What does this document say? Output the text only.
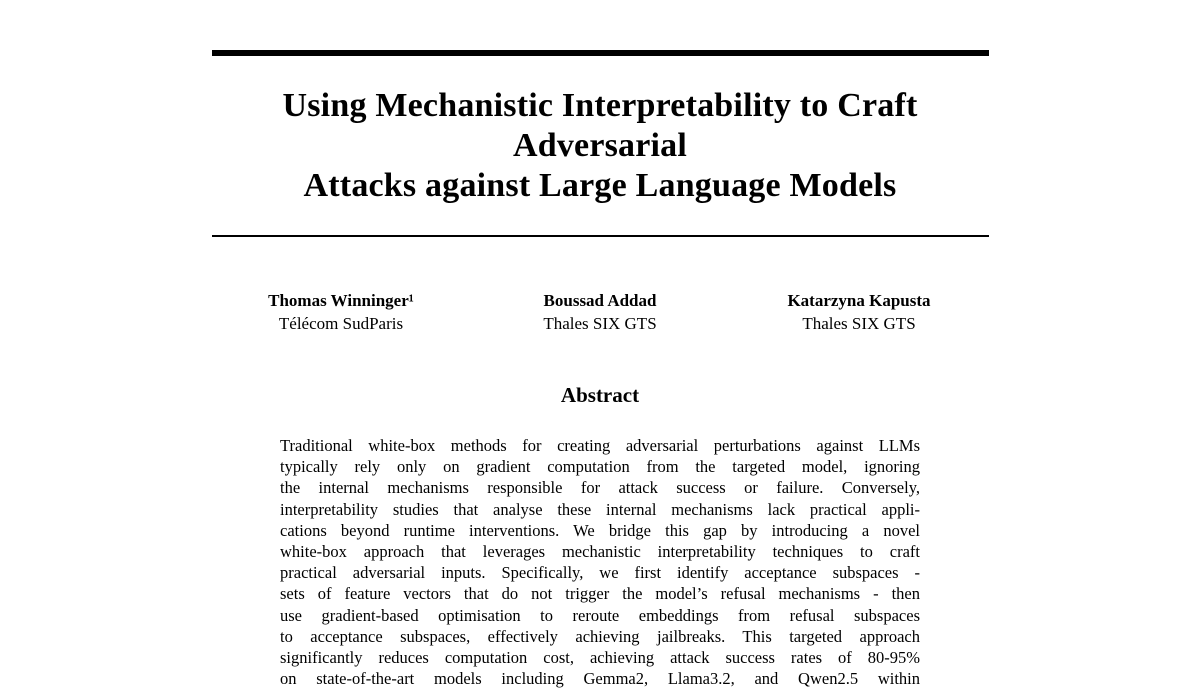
Using Mechanistic Interpretability to Craft Adversarial
Attacks against Large Language Models
Thomas Winninger¹
Télécom SudParis
Boussad Addad
Thales SIX GTS
Katarzyna Kapusta
Thales SIX GTS
Abstract
Traditional white-box methods for creating adversarial perturbations against LLMs
typically rely only on gradient computation from the targeted model, ignoring
the internal mechanisms responsible for attack success or failure. Conversely,
interpretability studies that analyse these internal mechanisms lack practical appli-
cations beyond runtime interventions. We bridge this gap by introducing a novel
white-box approach that leverages mechanistic interpretability techniques to craft
practical adversarial inputs. Specifically, we first identify acceptance subspaces -
sets of feature vectors that do not trigger the model’s refusal mechanisms - then
use gradient-based optimisation to reroute embeddings from refusal subspaces
to acceptance subspaces, effectively achieving jailbreaks. This targeted approach
significantly reduces computation cost, achieving attack success rates of 80-95%
on state-of-the-art models including Gemma2, Llama3.2, and Qwen2.5 within
